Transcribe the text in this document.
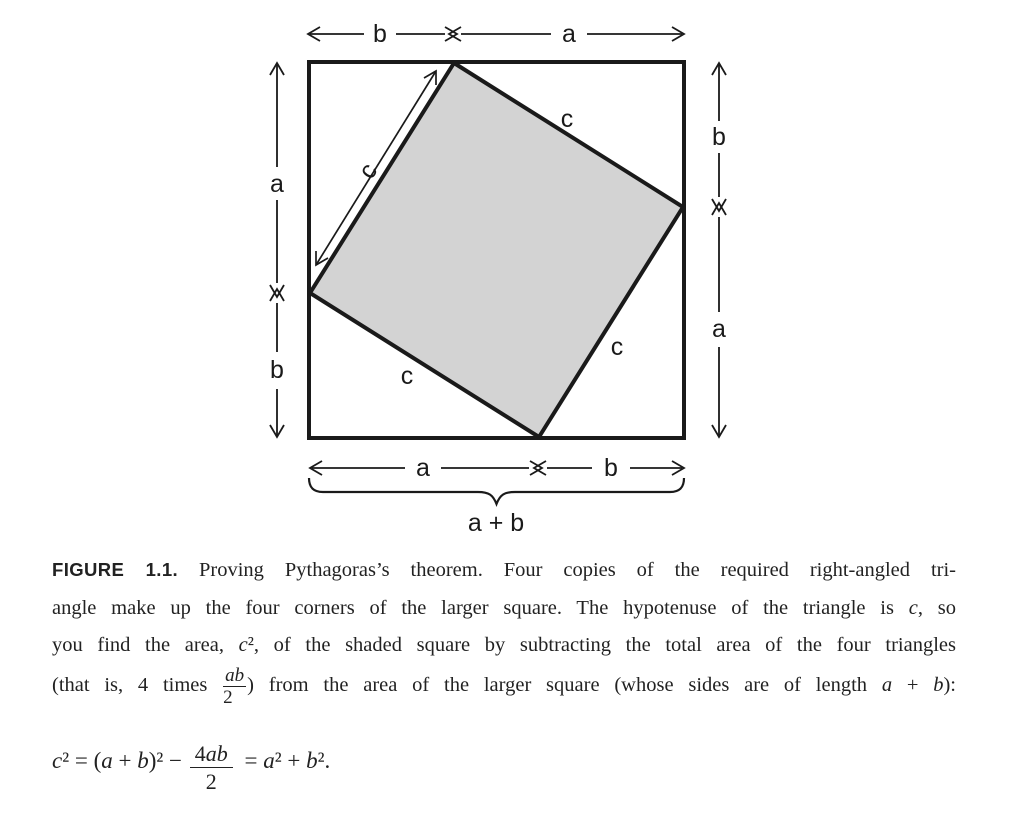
b	a
a
b
b
a
a	b
c
c
c
c
a + b
FIGURE 1.1. Proving Pythagoras’s theorem. Four copies of the required right-angled tri-
angle make up the four corners of the larger square. The hypotenuse of the triangle is c, so
you find the area, c², of the shaded square by subtracting the total area of the four triangles
(that is, 4 times $\frac{ab}{2}$ ) from the area of the larger square (whose sides are of length a + b):
c ² = ( a + b )$^2 - \frac{4ab}{2} = a$ ² + b ².
